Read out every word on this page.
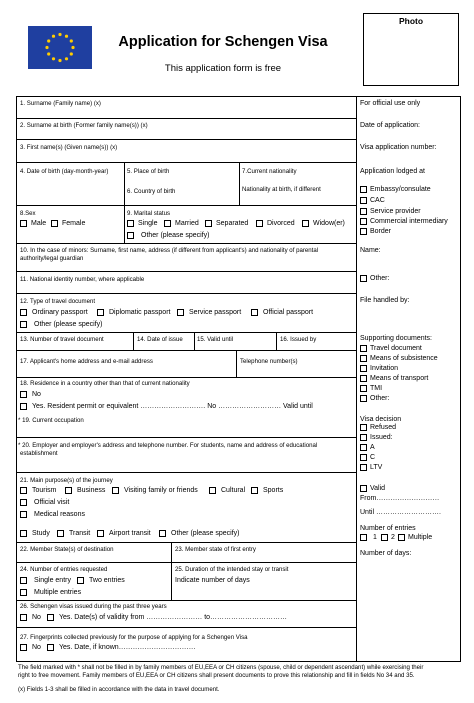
Application for Schengen Visa
This application form is free
Photo
1. Surname (Family name) (x)
2. Surname at birth (Former family name(s)) (x)
3. First name(s) (Given name(s)) (x)
4. Date of birth (day-month-year)	5. Place of birth
6. Country of birth
7.Current nationality
Nationality at birth, if different
8.Sex
Male Female
9. Marital status
Single	Married Separated	Divorced	Widow(er)
Other (please specify)
10. In the case of minors: Surname, first name, address (if different from applicant's) and nationality of parental
authority/legal guardian
11. National identity number, where applicable
12. Type of travel document
Ordinary passport	Diplomatic passport	Service passport	Official passport
Other (please specify)
13. Number of travel document	14. Date of issue 15. Valid until	16. Issued by
17. Applicant's home address and e-mail address	Telephone number(s)
18. Residence in a country other than that of current nationality
No
Yes. Resident permit or equivalent ………………………. No ……………………… Valid until
* 19. Current occupation
* 20. Employer and employer's address and telephone number. For students, name and address of educational
establishment
21. Main purpose(s) of the journey
Tourism	Business	Visiting family or friends	Cultural	Sports
Official visit
Medical reasons
Study	Transit	Airport transit	Other (please specify)
22. Member State(s) of destination	23. Member state of first entry
24. Number of entries requested
Single entry	Two entries
Multiple entries
25. Duration of the intended stay or transit
Indicate number of days
26. Schengen visas issued during the past three years
No	Yes. Date(s) of validity from …………………… to……………………………
27. Fingerprints collected previously for the purpose of applying for a Schengen Visa
No	Yes. Date, if known……………………………
For official use only
Date of application:
Visa application number:
Application lodged at
Embassy/consulate
CAC
Service provider
Commercial intermediary
Border
Name:
Other:
File handled by:
Supporting documents:
Travel document
Means of subsistence
Invitation
Means of transport
TMI
Other:
Visa decision
Refused
Issued:
A
C
LTV
Valid
From………………………
Until ……………………….
Number of entries
1 2 Multiple
Number of days:
The field marked with * shall not be filled in by family members of EU,EEA or CH citizens (spouse, child or dependent ascendant) while exercising their
right to free movement. Family members of EU,EEA or CH citizens shall present documents to prove this relationship and fill in fields No 34 and 35.
(x) Fields 1-3 shall be filled in accordance with the data in travel document.
